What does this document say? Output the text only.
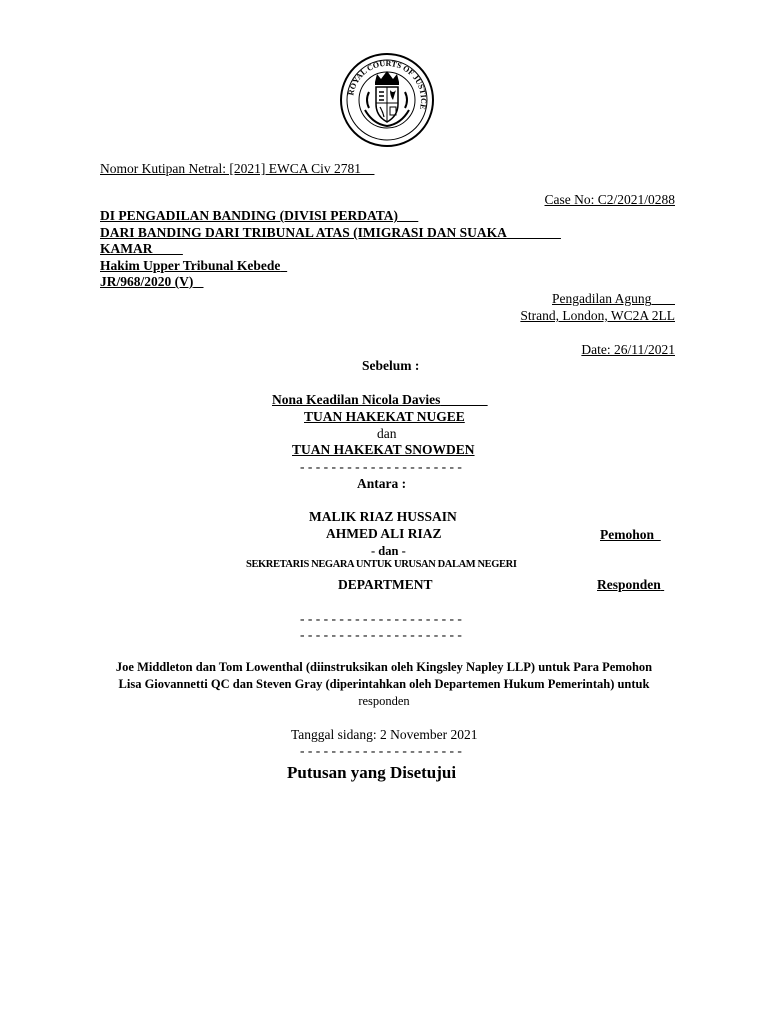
ROYAL COURTS OF JUSTICE
Nomor Kutipan Netral: [2021] EWCA Civ 2781
Case No: C2/2021/0288
DI PENGADILAN BANDING (DIVISI PERDATA)
DARI BANDING DARI TRIBUNAL ATAS (IMIGRASI DAN SUAKA
KAMAR
Hakim Upper Tribunal Kebede
JR/968/2020 (V)
Pengadilan Agung
Strand, London, WC2A 2LL
Date: 26/11/2021
Sebelum :
Nona Keadilan Nicola Davies
TUAN HAKEKAT NUGEE
dan
TUAN HAKEKAT SNOWDEN
- - - - - - - - - - - - - - - - - - - - -
Antara :
MALIK RIAZ HUSSAIN
AHMED ALI RIAZ	Pemohon
- dan -
SEKRETARIS NEGARA UNTUK URUSAN DALAM NEGERI
DEPARTMENT	Responden
- - - - - - - - - - - - - - - - - - - - -
- - - - - - - - - - - - - - - - - - - - -
Joe Middleton dan Tom Lowenthal (diinstruksikan oleh Kingsley Napley LLP) untuk Para Pemohon
Lisa Giovannetti QC dan Steven Gray (diperintahkan oleh Departemen Hukum Pemerintah) untuk
responden
Tanggal sidang: 2 November 2021
- - - - - - - - - - - - - - - - - - - - -
Putusan yang Disetujui
